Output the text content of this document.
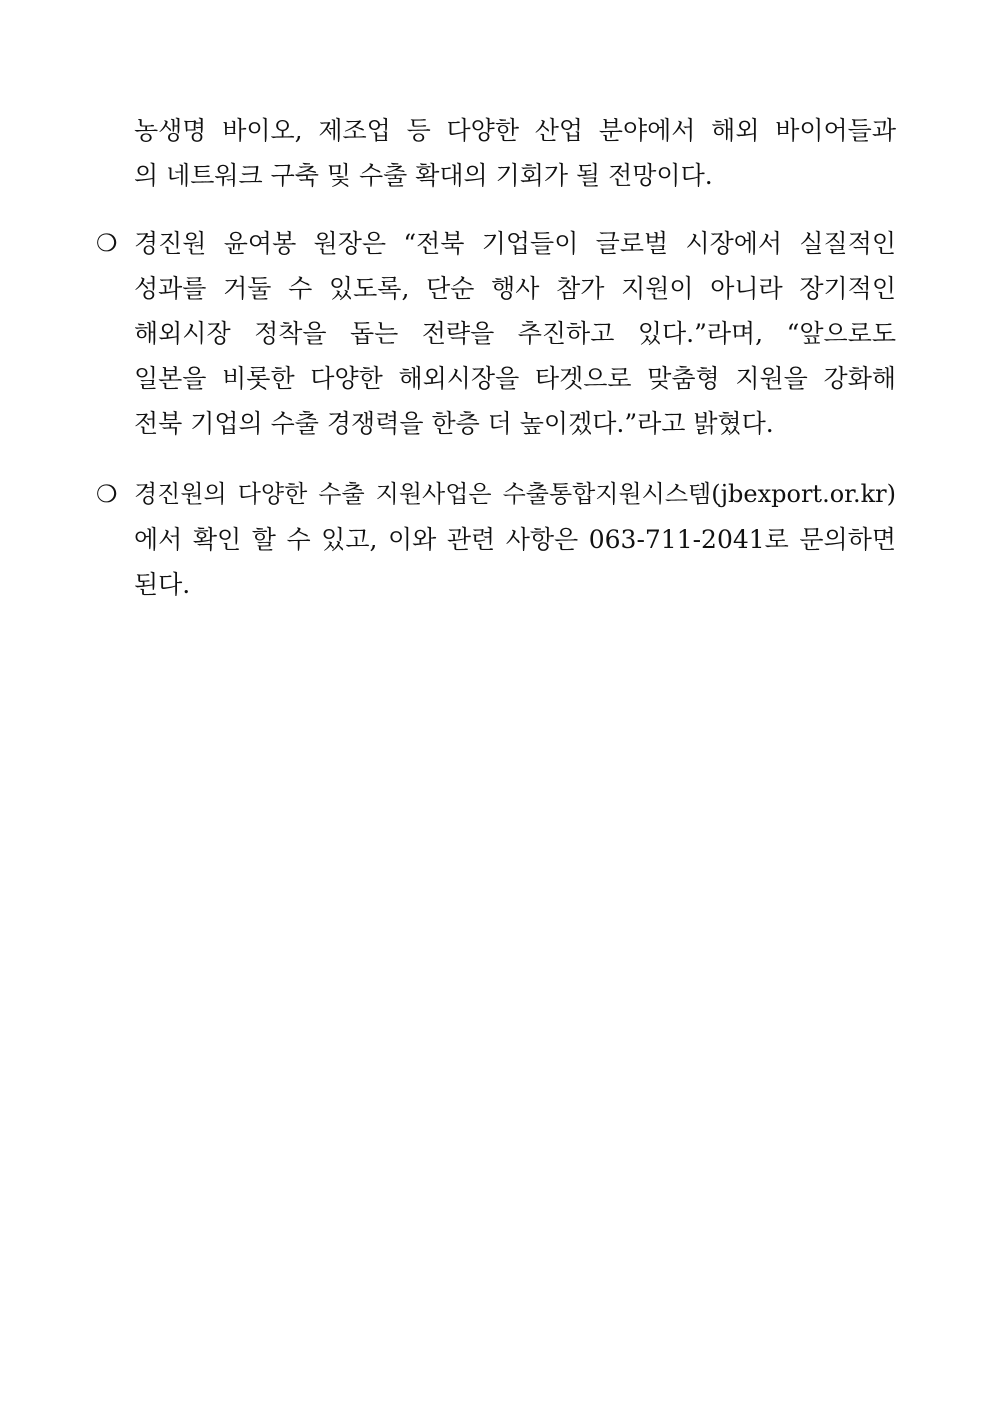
농생명 바이오, 제조업 등 다양한 산업 분야에서 해외 바이어들과
의 네트워크 구축 및 수출 확대의 기회가 될 전망이다.
❍ 경진원 윤여봉 원장은 “전북 기업들이 글로벌 시장에서 실질적인
성과를 거둘 수 있도록, 단순 행사 참가 지원이 아니라 장기적인
해외시장 정착을 돕는 전략을 추진하고 있다.”라며, “앞으로도
일본을 비롯한 다양한 해외시장을 타겟으로 맞춤형 지원을 강화해
전북 기업의 수출 경쟁력을 한층 더 높이겠다.”라고 밝혔다.
❍ 경진원의 다양한 수출 지원사업은 수출통합지원시스템(jbexport.or.kr)
에서 확인 할 수 있고, 이와 관련 사항은 063-711-2041로 문의하면
된다.
